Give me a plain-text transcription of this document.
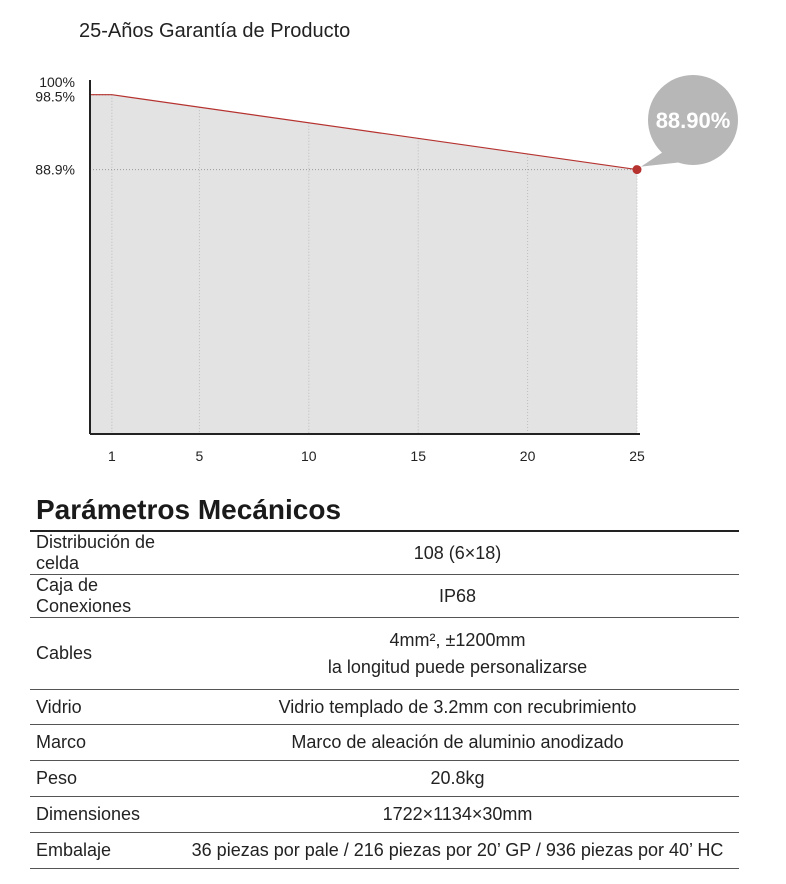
25-Años Garantía de Producto
1	5	10	15	20	25
100%
98.5%
88.9%
88.90%
Parámetros Mecánicos
Distribución de celda	108 (6×18)

Caja de Conexiones	IP68

Cables	4mm², ±1200mm
la longitud puede personalizarse

Vidrio	Vidrio templado de 3.2mm con recubrimiento

Marco	Marco de aleación de aluminio anodizado

Peso	20.8kg

Dimensiones	1722×1134×30mm

Embalaje	36 piezas por pale / 216 piezas por 20’ GP / 936 piezas por 40’ HC
